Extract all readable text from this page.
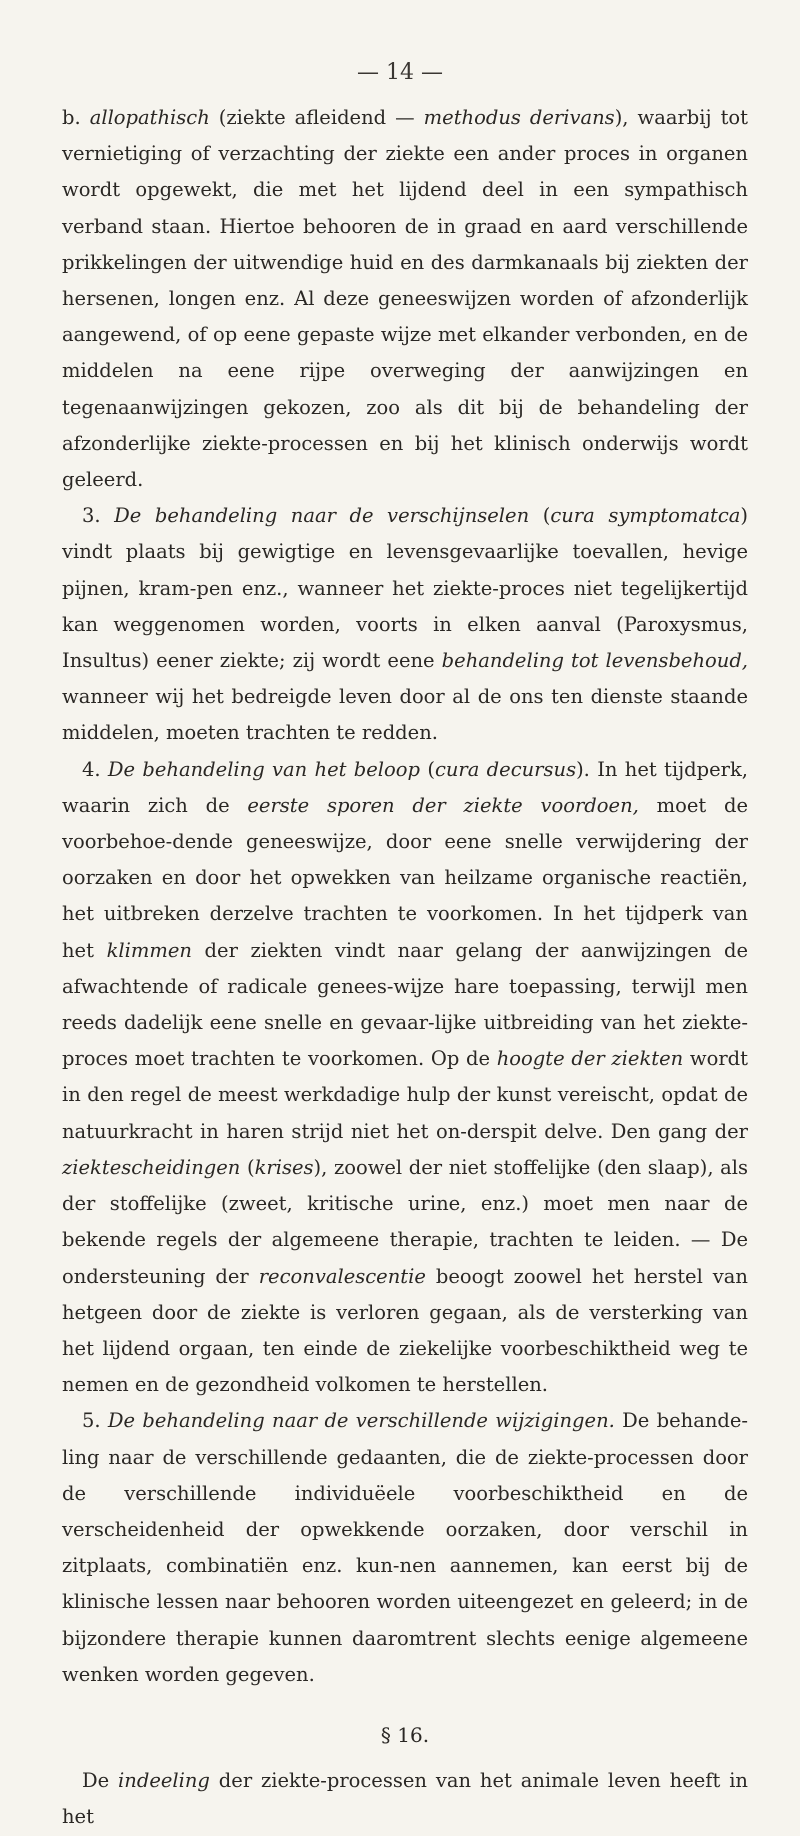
— 14 —

b. allopathisch (ziekte afleidend — methodus derivans), waarbij tot vernietiging of verzachting der ziekte een ander proces in organen wordt opgewekt, die met het lijdend deel in een sympathisch verband staan. Hiertoe behooren de in graad en aard verschillende prikkelingen der uitwendige huid en des darmkanaals bij ziekten der hersenen, longen enz. Al deze geneeswijzen worden of afzonderlijk aangewend, of op eene gepaste wijze met elkander verbonden, en de middelen na eene rijpe overweging der aanwijzingen en tegenaanwijzingen gekozen, zoo als dit bij de behandeling der afzonderlijke ziekte-processen en bij het klinisch onderwijs wordt geleerd.

3. De behandeling naar de verschijnselen (cura symptomatca) vindt plaats bij gewigtige en levensgevaarlijke toevallen, hevige pijnen, kram-pen enz., wanneer het ziekte-proces niet tegelijkertijd kan weggenomen worden, voorts in elken aanval (Paroxysmus, Insultus) eener ziekte; zij wordt eene behandeling tot levensbehoud, wanneer wij het bedreigde leven door al de ons ten dienste staande middelen, moeten trachten te redden.

4. De behandeling van het beloop (cura decursus). In het tijdperk, waarin zich de eerste sporen der ziekte voordoen, moet de voorbehoe-dende geneeswijze, door eene snelle verwijdering der oorzaken en door het opwekken van heilzame organische reactiën, het uitbreken derzelve trachten te voorkomen. In het tijdperk van het klimmen der ziekten vindt naar gelang der aanwijzingen de afwachtende of radicale genees-wijze hare toepassing, terwijl men reeds dadelijk eene snelle en gevaar-lijke uitbreiding van het ziekte-proces moet trachten te voorkomen. Op de hoogte der ziekten wordt in den regel de meest werkdadige hulp der kunst vereischt, opdat de natuurkracht in haren strijd niet het on-derspit delve. Den gang der ziektescheidingen (krises), zoowel der niet stoffelijke (den slaap), als der stoffelijke (zweet, kritische urine, enz.) moet men naar de bekende regels der algemeene therapie, trachten te leiden. — De ondersteuning der reconvalescentie beoogt zoowel het herstel van hetgeen door de ziekte is verloren gegaan, als de versterking van het lijdend orgaan, ten einde de ziekelijke voorbeschiktheid weg te nemen en de gezondheid volkomen te herstellen.

5. De behandeling naar de verschillende wijzigingen. De behande-ling naar de verschillende gedaanten, die de ziekte-processen door de verschillende individuëele voorbeschiktheid en de verscheidenheid der opwekkende oorzaken, door verschil in zitplaats, combinatiën enz. kun-nen aannemen, kan eerst bij de klinische lessen naar behooren worden uiteengezet en geleerd; in de bijzondere therapie kunnen daaromtrent slechts eenige algemeene wenken worden gegeven.

§ 16.

De indeeling der ziekte-processen van het animale leven heeft in het
